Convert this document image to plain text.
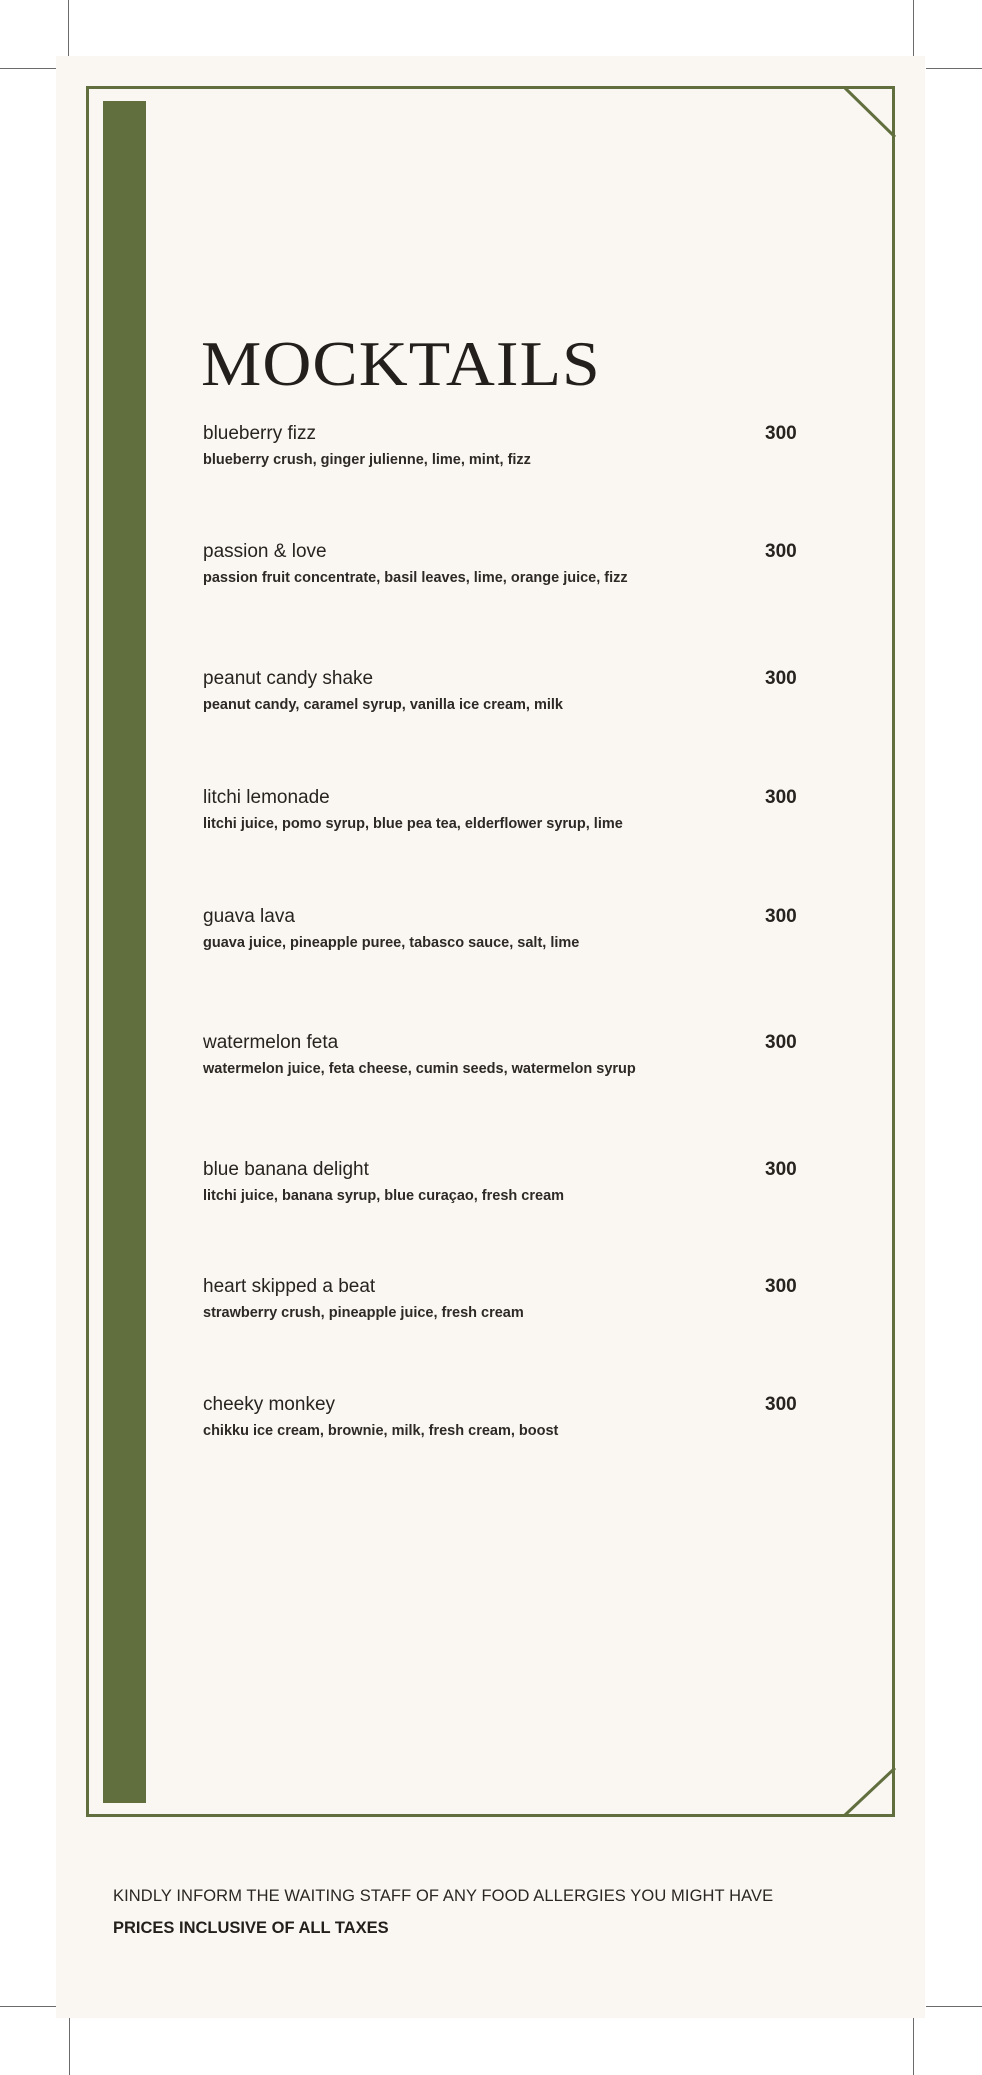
MOCKTAILS
blueberry fizz
blueberry crush, ginger julienne, lime, mint, fizz
300
passion & love
passion fruit concentrate, basil leaves, lime, orange juice, fizz
300
peanut candy shake
peanut candy, caramel syrup, vanilla ice cream, milk
300
litchi lemonade
litchi juice, pomo syrup, blue pea tea, elderflower syrup, lime
300
guava lava
guava juice, pineapple puree, tabasco sauce, salt, lime
300
watermelon feta
watermelon juice, feta cheese, cumin seeds, watermelon syrup
300
blue banana delight
litchi juice, banana syrup, blue curaçao, fresh cream
300
heart skipped a beat
strawberry crush, pineapple juice, fresh cream
300
cheeky monkey
chikku ice cream, brownie, milk, fresh cream, boost
300
KINDLY INFORM THE WAITING STAFF OF ANY FOOD ALLERGIES YOU MIGHT HAVE
PRICES INCLUSIVE OF ALL TAXES
